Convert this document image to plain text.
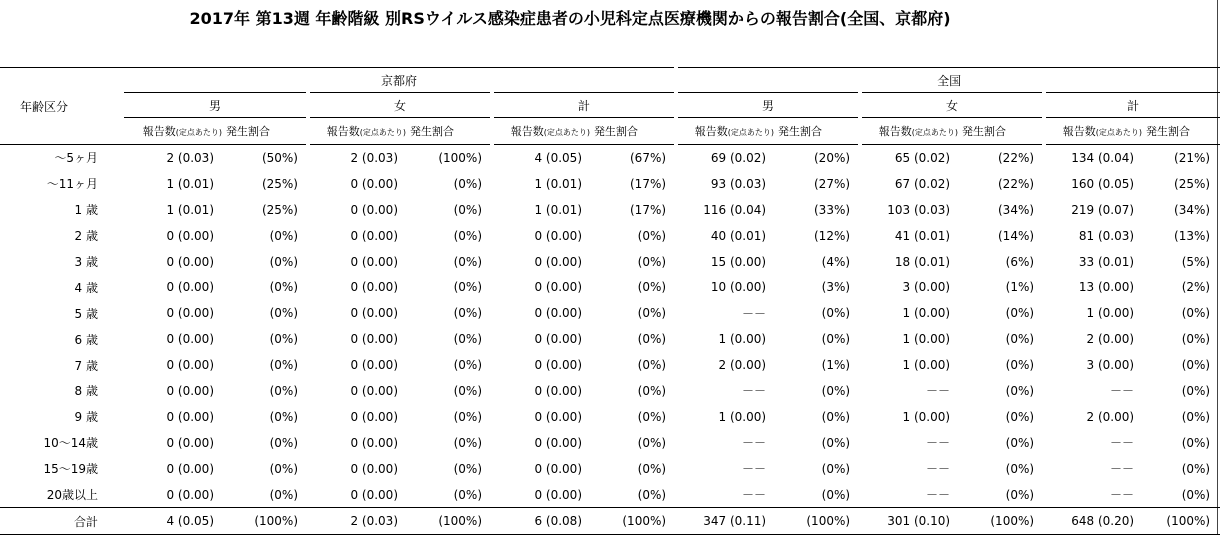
2017年 第13週 年齢階級 別RSウイルス感染症患者の小児科定点医療機関からの報告割合(全国、京都府)
年齢区分	京都府						全国					
	男		女		計		男		女		計	
	報告数(定点あたり)	発生割合	報告数(定点あたり)	発生割合	報告数(定点あたり)	発生割合	報告数(定点あたり)	発生割合	報告数(定点あたり)	発生割合	報告数(定点あたり)	発生割合
～5ヶ月	2 (0.03)	(50%)	2 (0.03)	(100%)	4 (0.05)	(67%)	69 (0.02)	(20%)	65 (0.02)	(22%)	134 (0.04)	(21%)
～11ヶ月	1 (0.01)	(25%)	0 (0.00)	(0%)	1 (0.01)	(17%)	93 (0.03)	(27%)	67 (0.02)	(22%)	160 (0.05)	(25%)
1 歳	1 (0.01)	(25%)	0 (0.00)	(0%)	1 (0.01)	(17%)	116 (0.04)	(33%)	103 (0.03)	(34%)	219 (0.07)	(34%)
2 歳	0 (0.00)	(0%)	0 (0.00)	(0%)	0 (0.00)	(0%)	40 (0.01)	(12%)	41 (0.01)	(14%)	81 (0.03)	(13%)
3 歳	0 (0.00)	(0%)	0 (0.00)	(0%)	0 (0.00)	(0%)	15 (0.00)	(4%)	18 (0.01)	(6%)	33 (0.01)	(5%)
4 歳	0 (0.00)	(0%)	0 (0.00)	(0%)	0 (0.00)	(0%)	10 (0.00)	(3%)	3 (0.00)	(1%)	13 (0.00)	(2%)
5 歳	0 (0.00)	(0%)	0 (0.00)	(0%)	0 (0.00)	(0%)	－－	(0%)	1 (0.00)	(0%)	1 (0.00)	(0%)
6 歳	0 (0.00)	(0%)	0 (0.00)	(0%)	0 (0.00)	(0%)	1 (0.00)	(0%)	1 (0.00)	(0%)	2 (0.00)	(0%)
7 歳	0 (0.00)	(0%)	0 (0.00)	(0%)	0 (0.00)	(0%)	2 (0.00)	(1%)	1 (0.00)	(0%)	3 (0.00)	(0%)
8 歳	0 (0.00)	(0%)	0 (0.00)	(0%)	0 (0.00)	(0%)	－－	(0%)	－－	(0%)	－－	(0%)
9 歳	0 (0.00)	(0%)	0 (0.00)	(0%)	0 (0.00)	(0%)	1 (0.00)	(0%)	1 (0.00)	(0%)	2 (0.00)	(0%)
10～14歳	0 (0.00)	(0%)	0 (0.00)	(0%)	0 (0.00)	(0%)	－－	(0%)	－－	(0%)	－－	(0%)
15～19歳	0 (0.00)	(0%)	0 (0.00)	(0%)	0 (0.00)	(0%)	－－	(0%)	－－	(0%)	－－	(0%)
20歳以上	0 (0.00)	(0%)	0 (0.00)	(0%)	0 (0.00)	(0%)	－－	(0%)	－－	(0%)	－－	(0%)
合計	4 (0.05)	(100%)	2 (0.03)	(100%)	6 (0.08)	(100%)	347 (0.11)	(100%)	301 (0.10)	(100%)	648 (0.20)	(100%)
